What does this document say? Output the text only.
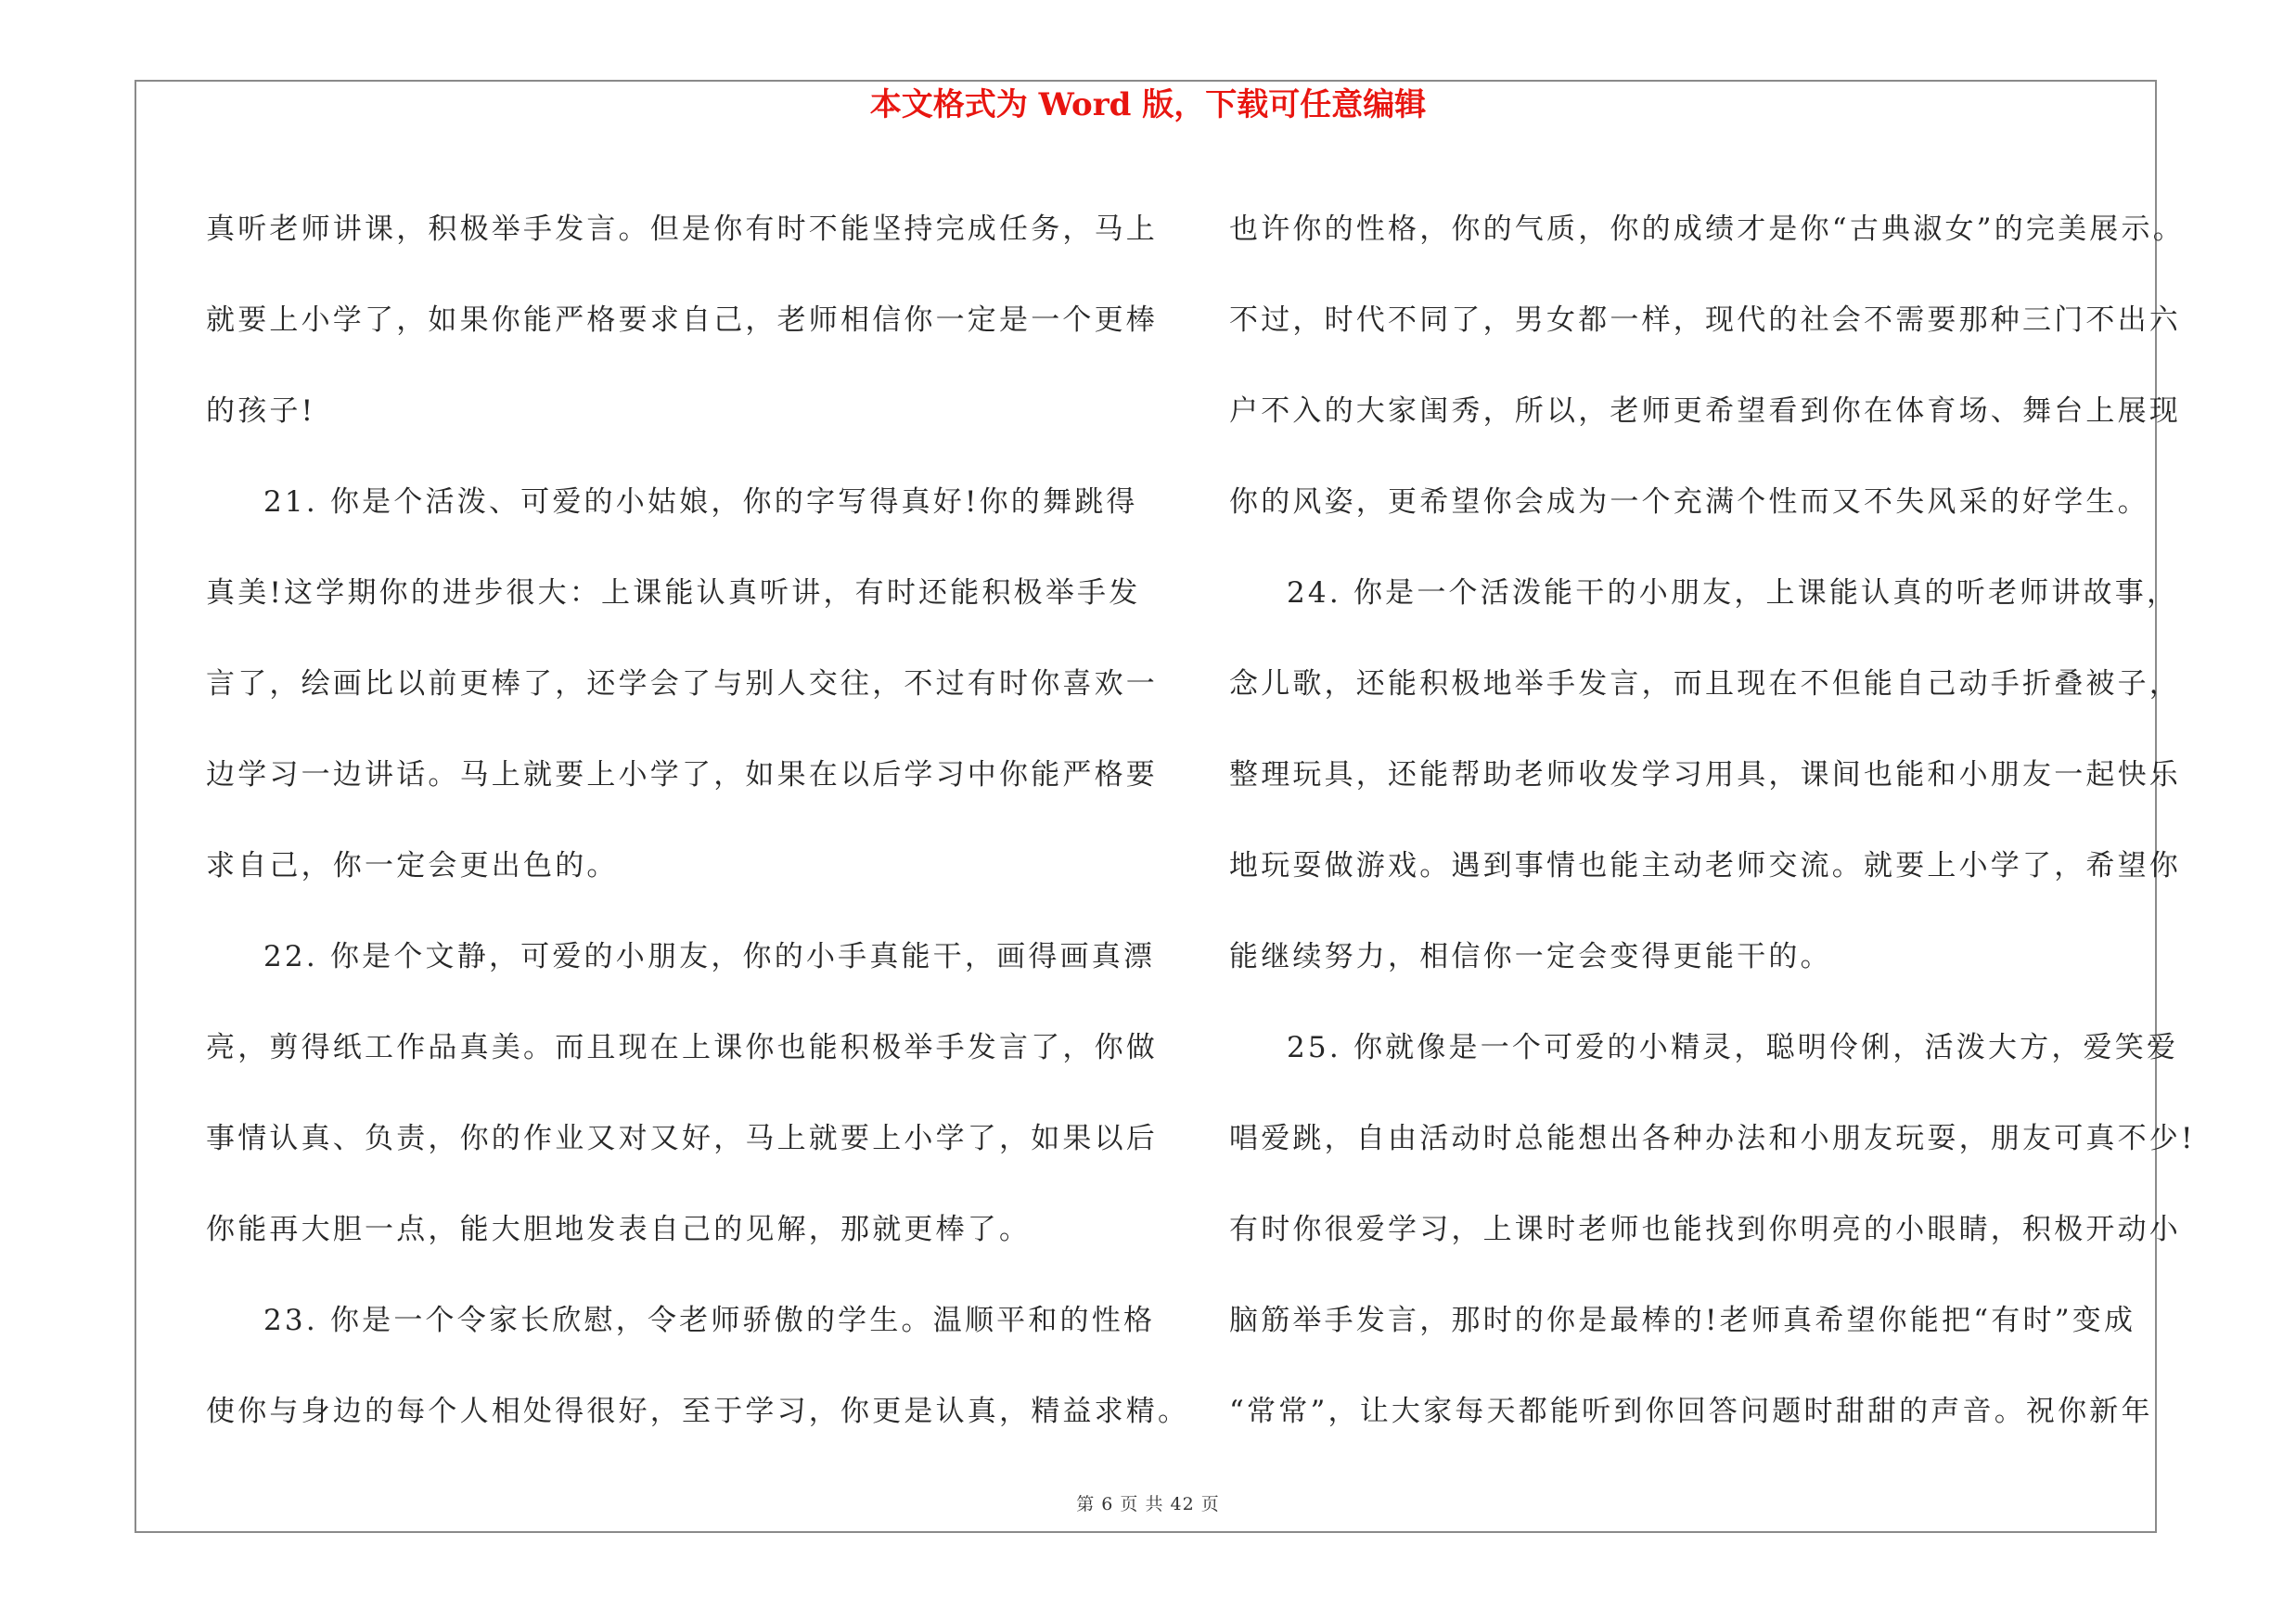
本文格式为 Word 版，下载可任意编辑
真听老师讲课，积极举手发言。但是你有时不能坚持完成任务，马上
就要上小学了，如果你能严格要求自己，老师相信你一定是一个更棒
的孩子!
21. 你是个活泼、可爱的小姑娘，你的字写得真好!你的舞跳得
真美!这学期你的进步很大：上课能认真听讲，有时还能积极举手发
言了，绘画比以前更棒了，还学会了与别人交往，不过有时你喜欢一
边学习一边讲话。马上就要上小学了，如果在以后学习中你能严格要
求自己，你一定会更出色的。
22. 你是个文静，可爱的小朋友，你的小手真能干，画得画真漂
亮，剪得纸工作品真美。而且现在上课你也能积极举手发言了，你做
事情认真、负责，你的作业又对又好，马上就要上小学了，如果以后
你能再大胆一点，能大胆地发表自己的见解，那就更棒了。
23. 你是一个令家长欣慰，令老师骄傲的学生。温顺平和的性格
使你与身边的每个人相处得很好，至于学习，你更是认真，精益求精。
也许你的性格，你的气质，你的成绩才是你“古典淑女”的完美展示。
不过，时代不同了，男女都一样，现代的社会不需要那种三门不出六
户不入的大家闺秀，所以，老师更希望看到你在体育场、舞台上展现
你的风姿，更希望你会成为一个充满个性而又不失风采的好学生。
24. 你是一个活泼能干的小朋友，上课能认真的听老师讲故事，
念儿歌，还能积极地举手发言，而且现在不但能自己动手折叠被子，
整理玩具，还能帮助老师收发学习用具，课间也能和小朋友一起快乐
地玩耍做游戏。遇到事情也能主动老师交流。就要上小学了，希望你
能继续努力，相信你一定会变得更能干的。
25. 你就像是一个可爱的小精灵，聪明伶俐，活泼大方，爱笑爱
唱爱跳，自由活动时总能想出各种办法和小朋友玩耍，朋友可真不少!
有时你很爱学习，上课时老师也能找到你明亮的小眼睛，积极开动小
脑筋举手发言，那时的你是最棒的!老师真希望你能把“有时”变成
“常常”，让大家每天都能听到你回答问题时甜甜的声音。祝你新年
第 6 页 共 42 页
